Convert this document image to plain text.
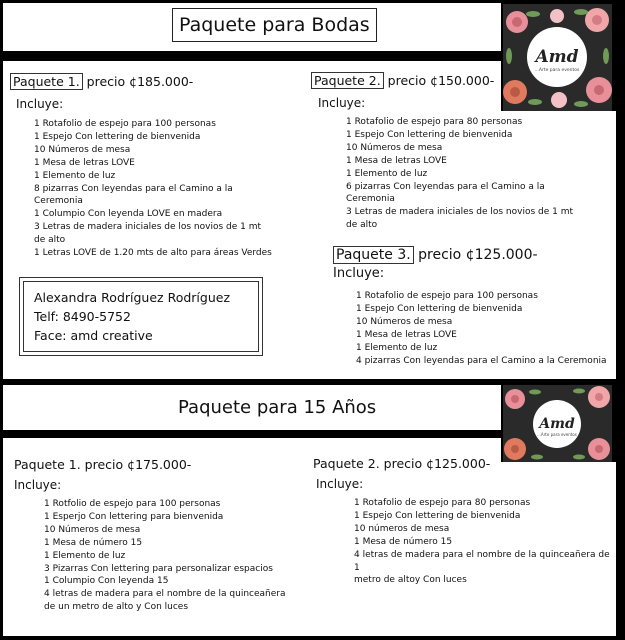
Paquete para Bodas
Amd
...Arte para eventos
Paquete 1. precio ¢185.000-
Incluye:
1 Rotafolio de espejo para 100 personas
1 Espejo Con lettering de bienvenida
10 Números de mesa
1 Mesa de letras LOVE
1 Elemento de luz
8 pizarras Con leyendas para el Camino a la
Ceremonia
1 Columpio Con leyenda LOVE en madera
3 Letras de madera iniciales de los novios de 1 mt
de alto
1 Letras LOVE de 1.20 mts de alto para áreas Verdes
Paquete 2. precio ¢150.000-
Incluye:
1 Rotafolio de espejo para 80 personas
1 Espejo Con lettering de bienvenida
10 Números de mesa
1 Mesa de letras LOVE
1 Elemento de luz
6 pizarras Con leyendas para el Camino a la
Ceremonia
3 Letras de madera iniciales de los novios de 1 mt
de alto
Paquete 3. precio ¢125.000-
Incluye:
1 Rotafolio de espejo para 100 personas
1 Espejo Con lettering de bienvenida
10 Números de mesa
1 Mesa de letras LOVE
1 Elemento de luz
4 pizarras Con leyendas para el Camino a la Ceremonia
Alexandra Rodríguez Rodríguez
Telf: 8490-5752
Face: amd creative
Paquete para 15 Años
Amd
...Arte para eventos
Paquete 1. precio ¢175.000-
Incluye:
1 Rotfolio de espejo para 100 personas
1 Esperjo Con lettering para bienvenida
10 Números de mesa
1 Mesa de número 15
1 Elemento de luz
3 Pizarras Con lettering para personalizar espacios
1 Columpio Con leyenda 15
4 letras de madera para el nombre de la quinceañera
de un metro de alto y Con luces
Paquete 2. precio ¢125.000-
Incluye:
1 Rotafolio de espejo para 80 personas
1 Espejo Con lettering de bienvenida
10 números de mesa
1 Mesa de número 15
4 letras de madera para el nombre de la quinceañera de 1
metro de altoy Con luces
